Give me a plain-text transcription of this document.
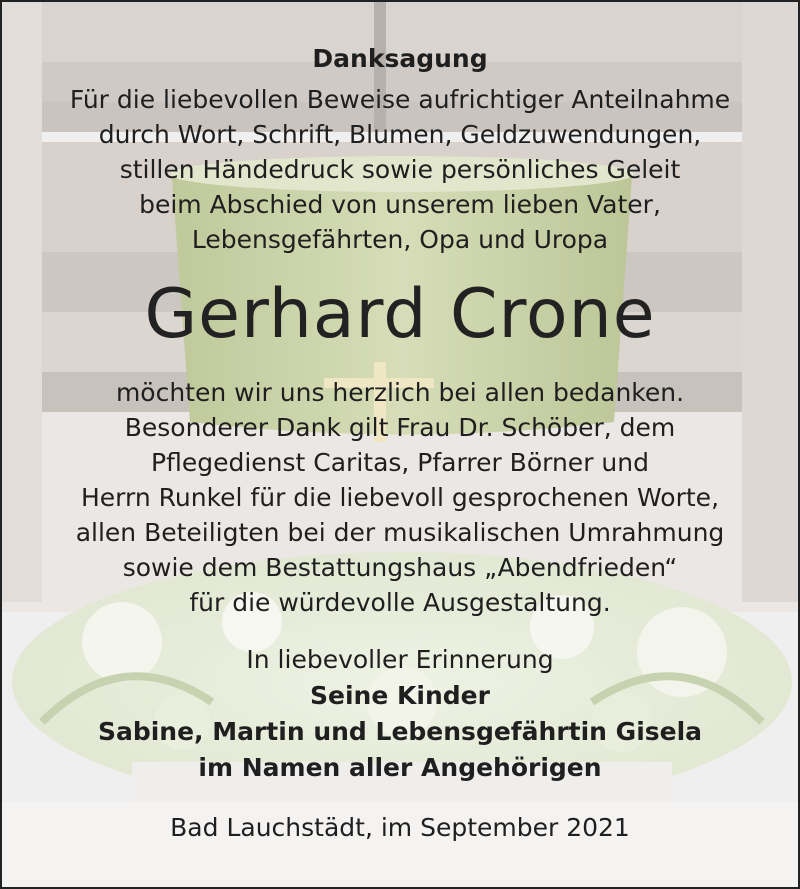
Danksagung
Für die liebevollen Beweise aufrichtiger Anteilnahme
durch Wort, Schrift, Blumen, Geldzuwendungen,
stillen Händedruck sowie persönliches Geleit
beim Abschied von unserem lieben Vater,
Lebensgefährten, Opa und Uropa
Gerhard Crone
möchten wir uns herzlich bei allen bedanken.
Besonderer Dank gilt Frau Dr. Schöber, dem
Pflegedienst Caritas, Pfarrer Börner und
Herrn Runkel für die liebevoll gesprochenen Worte,
allen Beteiligten bei der musikalischen Umrahmung
sowie dem Bestattungshaus „Abendfrieden“
für die würdevolle Ausgestaltung.
In liebevoller Erinnerung
Seine Kinder
Sabine, Martin und Lebensgefährtin Gisela
im Namen aller Angehörigen
Bad Lauchstädt, im September 2021
